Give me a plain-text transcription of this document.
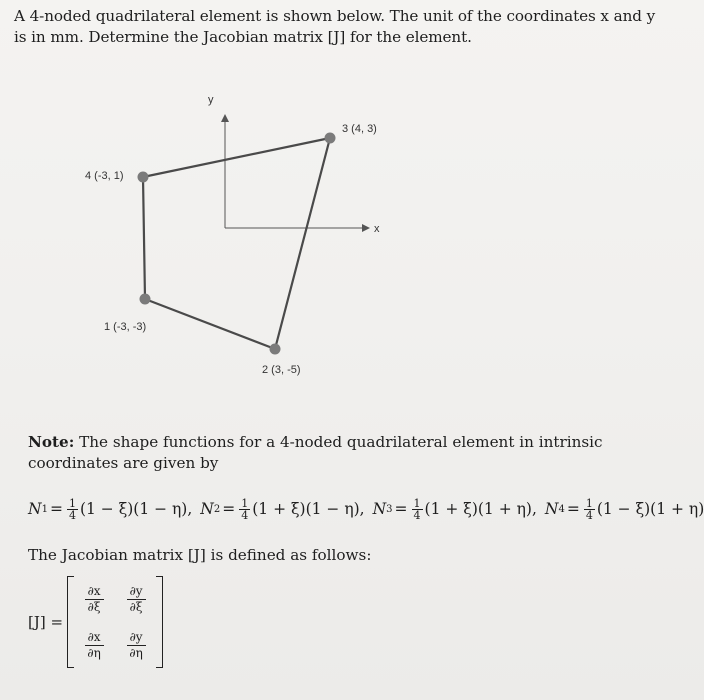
A 4-noded quadrilateral element is shown below. The unit of the coordinates x and y is in mm. Determine the Jacobian matrix [J] for the element.
y
x
1 (-3, -3)
2 (3, -5)
3 (4, 3)
4 (-3, 1)
Note: The shape functions for a 4-noded quadrilateral element in intrinsic coordinates are given by
N $1 = \frac{1}{4} (1 - \xi)(1 - \eta)$, N $2 = \frac{1}{4} (1 + \xi)(1 - \eta)$, N $3 = \frac{1}{4} (1 + \xi)(1 + \eta)$, N $4 = \frac{1}{4} (1 - \xi)(1 + \eta)$
The Jacobian matrix [J] is defined as follows:
[J] =
∂x
∂ξ
∂y
∂ξ
∂x
∂η
∂y
∂η
